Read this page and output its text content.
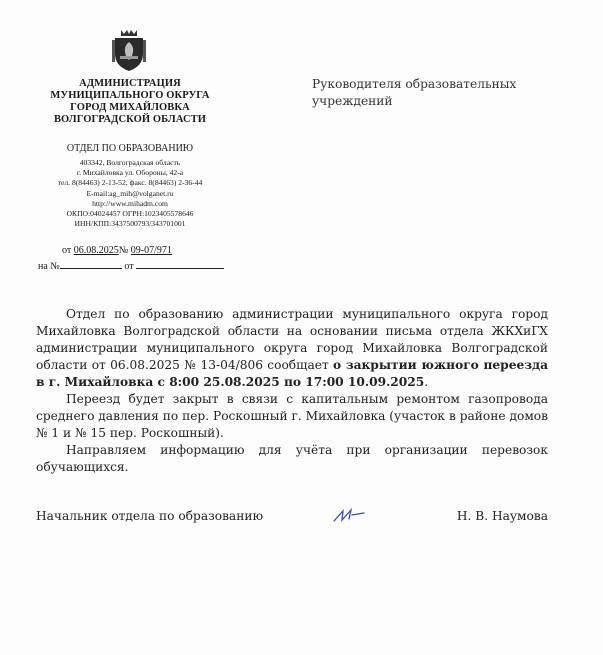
АДМИНИСТРАЦИЯ
МУНИЦИПАЛЬНОГО ОКРУГА
ГОРОД МИХАЙЛОВКА
ВОЛГОГРАДСКОЙ ОБЛАСТИ
ОТДЕЛ ПО ОБРАЗОВАНИЮ
403342, Волгоградская область
г. Михайловка ул. Обороны, 42-а
тел. 8(84463) 2-13-52, факс. 8(84463) 2-36-44
E-mail:ag_mih@volganet.ru
http://www.mihadm.com
ОКПО:04024457 ОГРН:1023405578646
ИНН/КПП:3437500793/343701001
от 06.08.2025№ 09-07/971
на №	от
Руководителя образовательных
учреждений

Отдел по образованию администрации муниципального округа город Михайловка Волгоградской области на основании письма отдела ЖКХиГХ администрации муниципального округа город Михайловка Волгоградской области от 06.08.2025 № 13-04/806 сообщает о закрытии южного переезда в г. Михайловка с 8:00 25.08.2025 по 17:00 10.09.2025.

Переезд будет закрыт в связи с капитальным ремонтом газопровода среднего давления по пер. Роскошный г. Михайловка (участок в районе домов № 1 и № 15 пер. Роскошный).

Направляем информацию для учёта при организации перевозок обучающихся.

Начальник отдела по образованию	Н. В. Наумова
